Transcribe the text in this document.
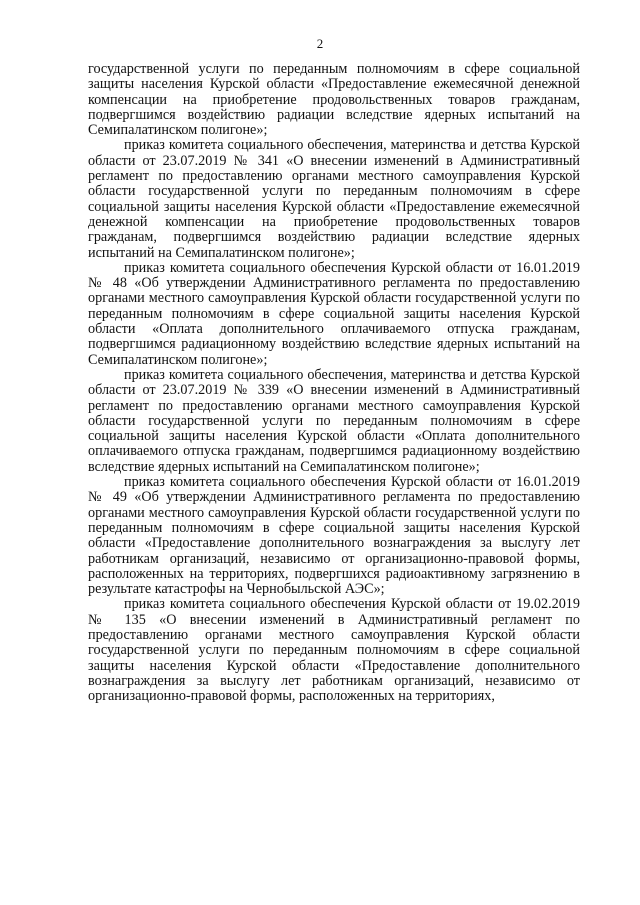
2

государственной услуги по переданным полномочиям в сфере социальной защиты населения Курской области «Предоставление ежемесячной денежной компенсации на приобретение продовольственных товаров гражданам, подвергшимся воздействию радиации вследствие ядерных испытаний на Семипалатинском полигоне»;

приказ комитета социального обеспечения, материнства и детства Курской области от 23.07.2019 № 341 «О внесении изменений в Административный регламент по предоставлению органами местного самоуправления Курской области государственной услуги по переданным полномочиям в сфере социальной защиты населения Курской области «Предоставление ежемесячной денежной компенсации на приобретение продовольственных товаров гражданам, подвергшимся воздействию радиации вследствие ядерных испытаний на Семипалатинском полигоне»;

приказ комитета социального обеспечения Курской области от 16.01.2019 № 48 «Об утверждении Административного регламента по предоставлению органами местного самоуправления Курской области государственной услуги по переданным полномочиям в сфере социальной защиты населения Курской области «Оплата дополнительного оплачиваемого отпуска гражданам, подвергшимся радиационному воздействию вследствие ядерных испытаний на Семипалатинском полигоне»;

приказ комитета социального обеспечения, материнства и детства Курской области от 23.07.2019 № 339 «О внесении изменений в Административный регламент по предоставлению органами местного самоуправления Курской области государственной услуги по переданным полномочиям в сфере социальной защиты населения Курской области «Оплата дополнительного оплачиваемого отпуска гражданам, подвергшимся радиационному воздействию вследствие ядерных испытаний на Семипалатинском полигоне»;

приказ комитета социального обеспечения Курской области от 16.01.2019 № 49 «Об утверждении Административного регламента по предоставлению органами местного самоуправления Курской области государственной услуги по переданным полномочиям в сфере социальной защиты населения Курской области «Предоставление дополнительного вознаграждения за выслугу лет работникам организаций, независимо от организационно-правовой формы, расположенных на территориях, подвергшихся радиоактивному загрязнению в результате катастрофы на Чернобыльской АЭС»;

приказ комитета социального обеспечения Курской области от 19.02.2019 № 135 «О внесении изменений в Административный регламент по предоставлению органами местного самоуправления Курской области государственной услуги по переданным полномочиям в сфере социальной защиты населения Курской области «Предоставление дополнительного вознаграждения за выслугу лет работникам организаций, независимо от организационно-правовой формы, расположенных на территориях,
